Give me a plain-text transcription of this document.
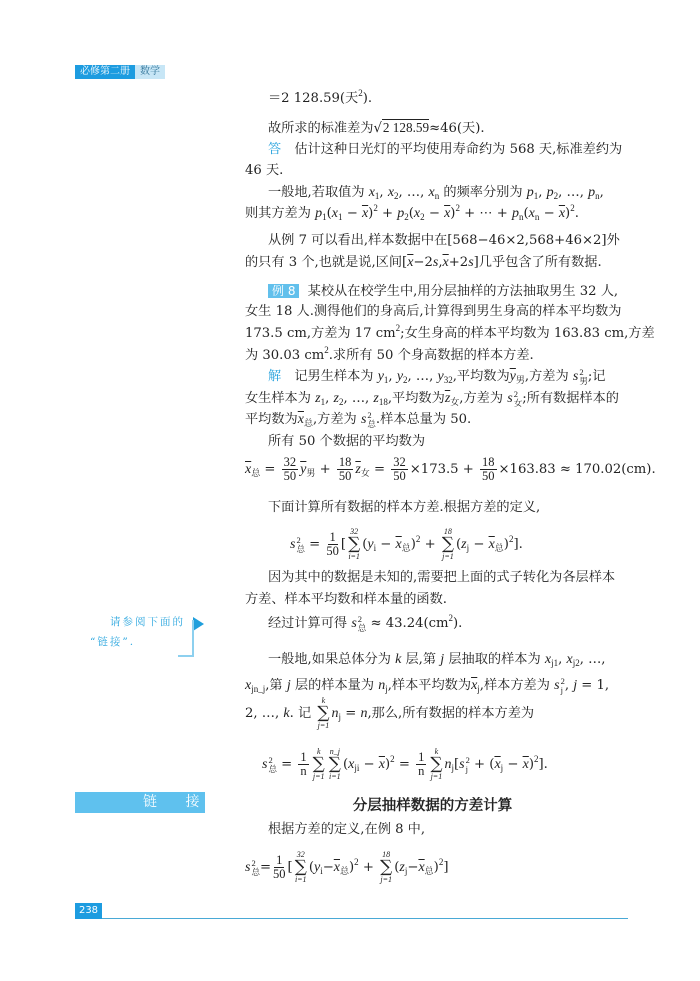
必修第二册	数学
＝2 128.59(天$^2$).
故所求的标准差为√2 128.59≈46(天).
答　估计这种日光灯的平均使用寿命约为 568 天,标准差约为
46 天.
一般地,若取值为 $x_1$, $x_2$, …, $x_n$ 的频率分别为 $p_1$, $p_2$, …, $p_n$,
则其方差为 $p_1(x_1 - \overline{x})^2 + p_2(x_2 - \overline{x})^2$ + ⋯ + $p_n(x_n - \overline{x})^2$.
从例 7 可以看出,样本数据中在[568−46×2,568+46×2]外
的只有 3 个,也就是说,区间$[\overline{x}-2s,\overline{x}+2s]$几乎包含了所有数据.
例 8 某校从在校学生中,用分层抽样的方法抽取男生 32 人,
女生 18 人.测得他们的身高后,计算得到男生身高的样本平均数为
173.5 cm,方差为 17 $cm^2$;女生身高的样本平均数为 163.83 cm,方差
为 30.03 $cm^2$.求所有 50 个身高数据的样本方差.
解　记男生样本为 $y_1$, $y_2$, …, $y_{32}$,平均数为$\overline{y}_男$,方差为 s 2
男 ;记
女生样本为 $z_1$, $z_2$, …, $z_{18}$,平均数为$\overline{z}_女$,方差为 s 2
女 ;所有数据样本的
平均数为$\overline{x}_总$,方差为 s 2
总 .样本总量为 50.
所有 50 个数据的平均数为
$\overline{x}_总 = \frac{32}{50} \overline{y}_男 + \frac{18}{50} \overline{z}_女 = \frac{32}{50} \times 173.5 + \frac{18}{50} \times 163.83 \approx 170.02(cm)$.
下面计算所有数据的样本方差.根据方差的定义,
s 2
总 = $\frac{1}{50}$ [
32
∑
i=1
$(y_i - \overline{x}_总)^2$ +
18
∑
j=1
$(z_j - \overline{x}_总)^2$].
因为其中的数据是未知的,需要把上面的式子转化为各层样本
方差、样本平均数和样本量的函数.
经过计算可得 s 2
总 ≈ $43.24(cm^2)$.
一般地,如果总体分为 k 层,第 j 层抽取的样本为 $x_{j1}$, $x_{j2}$, …,
$x_{jn\_j}$,第 j 层的样本量为 $n_j$,样本平均数为$\overline{x}_j$,样本方差为 s 2
j , j = 1,
2, …, k. 记
k
∑
j=1
$n_j = n$,那么,所有数据的样本方差为
s 2
总 = $\frac{1}{n}$ k
∑
j=1
n_j
∑
i=1
$(x_{ji} - \overline{x})^2 = \frac{1}{n}$ k
∑
j=1
$n_j[s$ 2
$j + (\overline{x}_j - \overline{x})^2$].
根据方差的定义,在例 8 中,
s 2
总 = $\frac{1}{50}$ [
32
∑
i=1
$(y_i-\overline{x}_总)^2$ +
18
∑
j=1
$(z_j-\overline{x}_总)^2$]
请参阅下面的
“链接”.
链 接	分层抽样数据的方差计算
238
